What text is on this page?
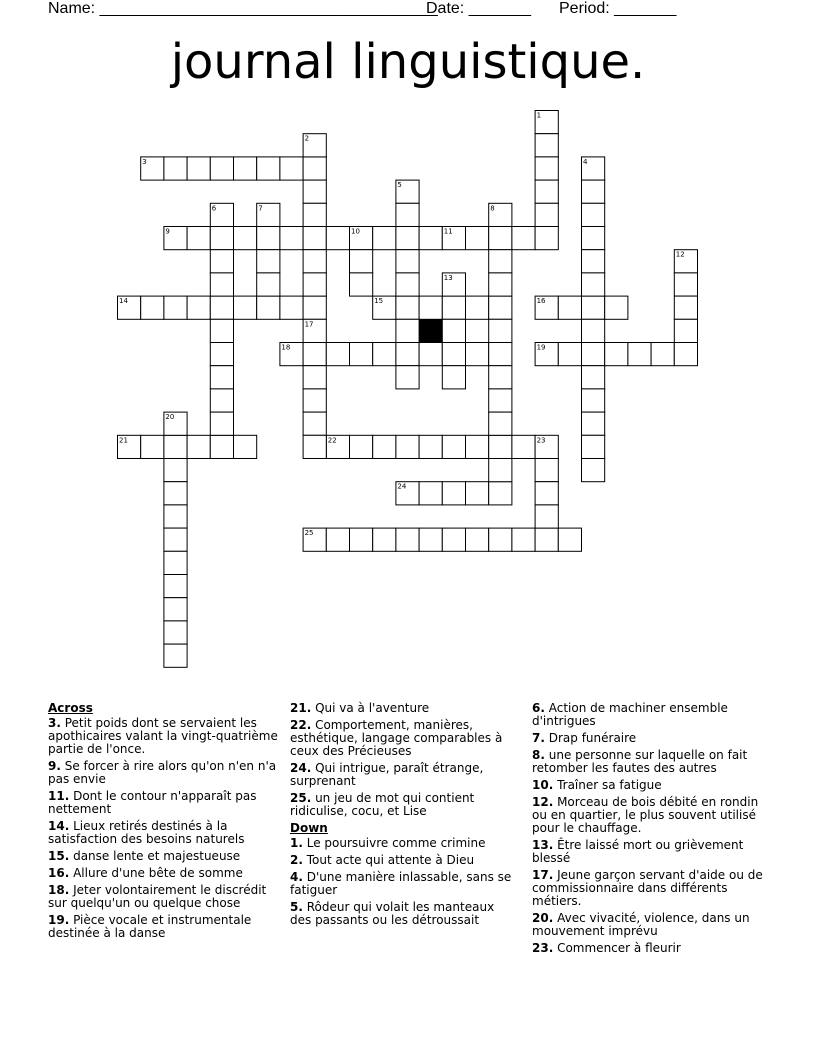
Name: ______________________________________
Date: _______ Period: _______
journal linguistique.
3
9	11
14	15	16
18	19
21	22
24
25
1
2
4
5
6	7	8
10
12
13
17
20
23
Across
3. Petit poids dont se servaient les apothicaires valant la vingt-quatrième partie de l'once.
9. Se forcer à rire alors qu'on n'en n'a pas envie
11. Dont le contour n'apparaît pas nettement
14. Lieux retirés destinés à la satisfaction des besoins naturels
15. danse lente et majestueuse
16. Allure d'une bête de somme
18. Jeter volontairement le discrédit sur quelqu'un ou quelque chose
19. Pièce vocale et instrumentale destinée à la danse
21. Qui va à l'aventure
22. Comportement, manières, esthétique, langage comparables à ceux des Précieuses
24. Qui intrigue, paraît étrange, surprenant
25. un jeu de mot qui contient ridiculise, cocu, et Lise
Down
1. Le poursuivre comme crimine
2. Tout acte qui attente à Dieu
4. D'une manière inlassable, sans se fatiguer
5. Rôdeur qui volait les manteaux des passants ou les détroussait
6. Action de machiner ensemble d'intrigues
7. Drap funéraire
8. une personne sur laquelle on fait retomber les fautes des autres
10. Traîner sa fatigue
12. Morceau de bois débité en rondin ou en quartier, le plus souvent utilisé pour le chauffage.
13. Être laissé mort ou grièvement blessé
17. Jeune garçon servant d'aide ou de commissionnaire dans différents métiers.
20. Avec vivacité, violence, dans un mouvement imprévu
23. Commencer à fleurir
